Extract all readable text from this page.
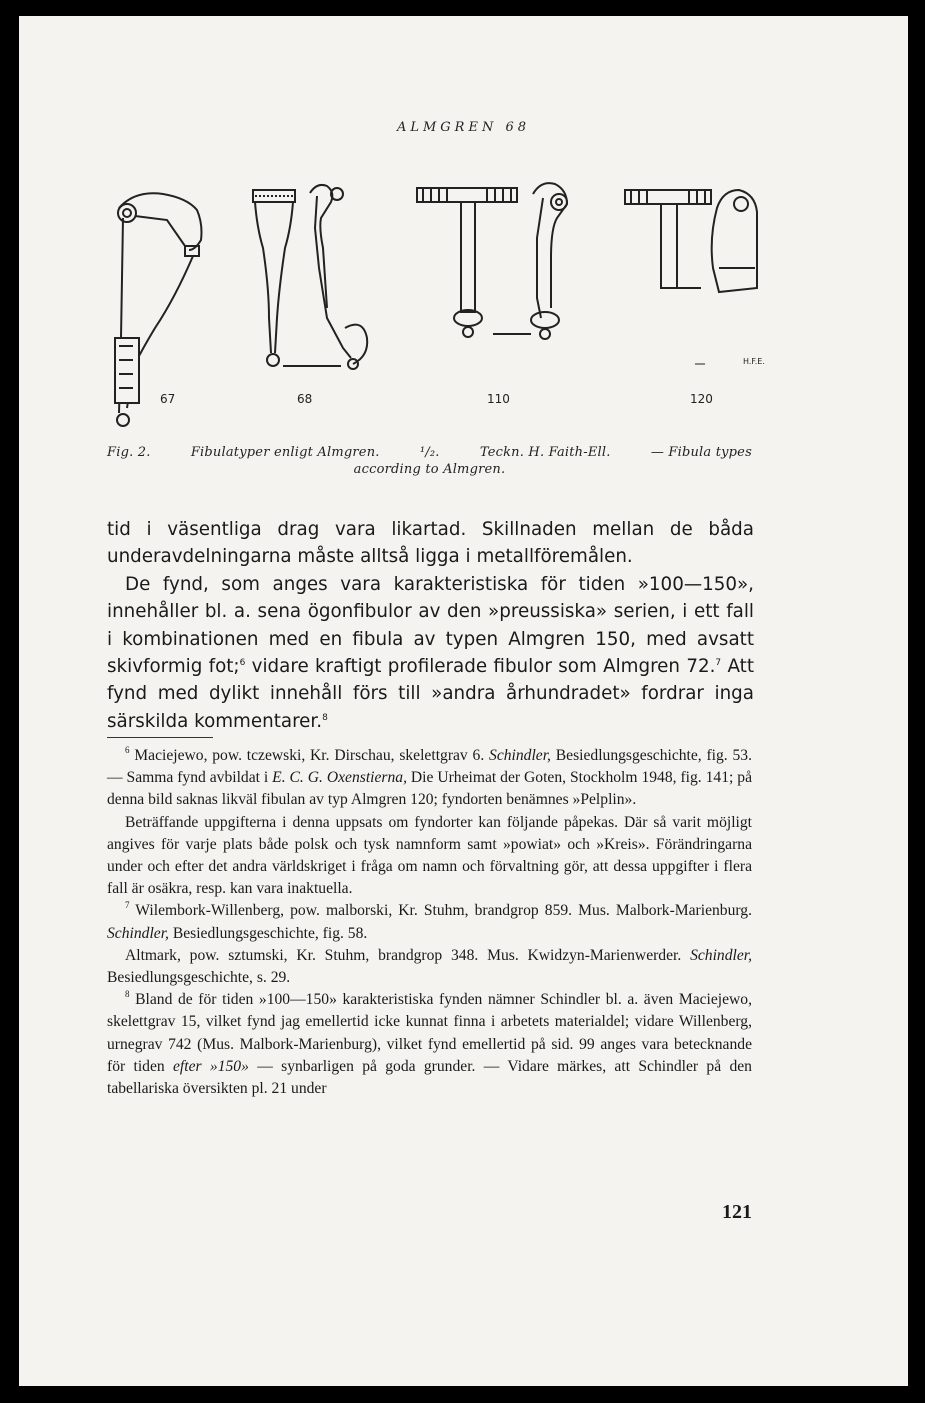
ALMGREN 68
67	68	110	120
H.F.E.
Fig. 2.	Fibulatyper enligt Almgren.	¹/₂.	Teckn. H. Faith-Ell.	— Fibula types
according to Almgren.

tid i väsentliga drag vara likartad. Skillnaden mellan de båda underavdelningarna måste alltså ligga i metallföremålen.

De fynd, som anges vara karakteristiska för tiden »100—150», innehåller bl. a. sena ögonfibulor av den »preussiska» serien, i ett fall i kombinationen med en fibula av typen Almgren 150, med avsatt skivformig fot;$^6$ vidare kraftigt profilerade fibulor som Almgren 72.$^7$ Att fynd med dylikt innehåll förs till »andra århundradet» fordrar inga särskilda kommentarer.$^8$

$^6$ Maciejewo, pow. tczewski, Kr. Dirschau, skelettgrav 6. Schindler, Besiedlungsgeschichte, fig. 53. — Samma fynd avbildat i E. C. G. Oxenstierna, Die Urheimat der Goten, Stockholm 1948, fig. 141; på denna bild saknas likväl fibulan av typ Almgren 120; fyndorten benämnes »Pelplin».

Beträffande uppgifterna i denna uppsats om fyndorter kan följande påpekas. Där så varit möjligt angives för varje plats både polsk och tysk namnform samt »powiat» och »Kreis». Förändringarna under och efter det andra världskriget i fråga om namn och förvaltning gör, att dessa uppgifter i flera fall är osäkra, resp. kan vara inaktuella.

$^7$ Wilembork-Willenberg, pow. malborski, Kr. Stuhm, brandgrop 859. Mus. Malbork-Marienburg. Schindler, Besiedlungsgeschichte, fig. 58.

Altmark, pow. sztumski, Kr. Stuhm, brandgrop 348. Mus. Kwidzyn-Marienwerder. Schindler, Besiedlungsgeschichte, s. 29.

$^8$ Bland de för tiden »100—150» karakteristiska fynden nämner Schindler bl. a. även Maciejewo, skelettgrav 15, vilket fynd jag emellertid icke kunnat finna i arbetets materialdel; vidare Willenberg, urnegrav 742 (Mus. Malbork-Marienburg), vilket fynd emellertid på sid. 99 anges vara betecknande för tiden efter »150» — synbarligen på goda grunder. — Vidare märkes, att Schindler på den tabellariska översikten pl. 21 under

121
